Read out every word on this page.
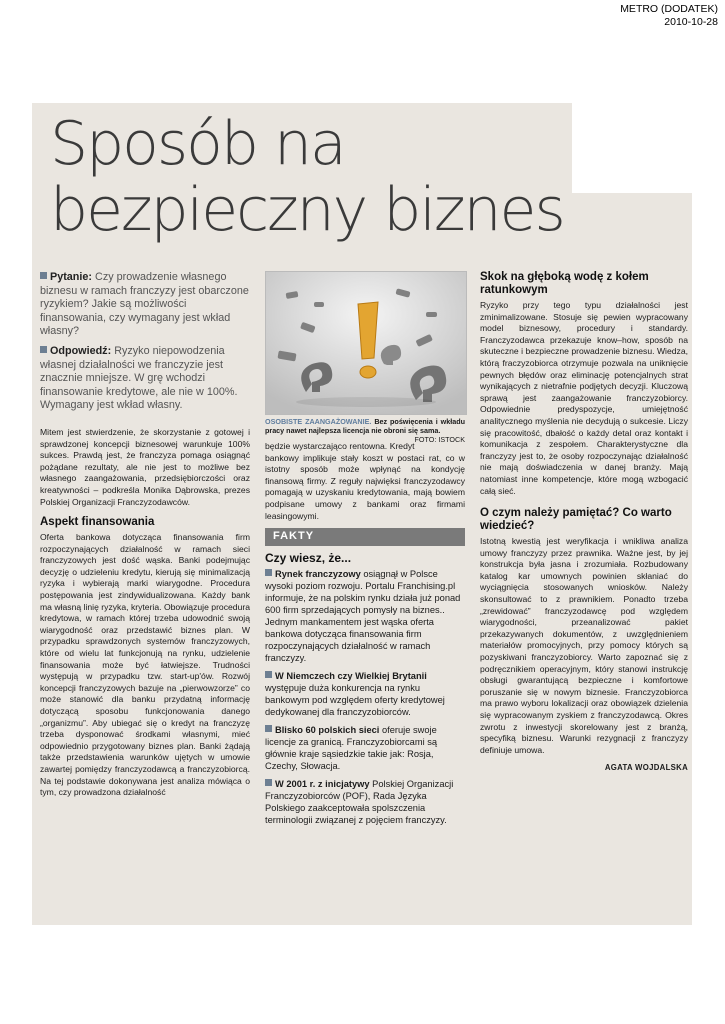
METRO (DODATEK)
2010-10-28
Sposób na
bezpieczny biznes

Pytanie: Czy prowadzenie własnego biznesu w ramach franczyzy jest obarczone ryzykiem? Jakie są możliwości finansowania, czy wymagany jest wkład własny?

Odpowiedź: Ryzyko niepowodzenia własnej działalności we franczyzie jest znacznie mniejsze. W grę wchodzi finansowanie kredytowe, ale nie w 100%. Wymagany jest wkład własny.

Mitem jest stwierdzenie, że skorzystanie z gotowej i sprawdzonej koncepcji biznesowej warunkuje 100% sukces. Prawdą jest, że franczyza pomaga osiągnąć pożądane rezultaty, ale nie jest to możliwe bez własnego zaangażowania, przedsiębiorczości oraz kreatywności – podkreśla Monika Dąbrowska, prezes Polskiej Organizacji Franczyzodawców.

Aspekt finansowania

Oferta bankowa dotycząca finansowania firm rozpoczynających działalność w ramach sieci franczyzowych jest dość wąska. Banki podejmując decyzję o udzieleniu kredytu, kierują się minimalizacją ryzyka i wybierają marki wiarygodne. Procedura postępowania jest zindywidualizowana. Każdy bank ma własną linię ryzyka, kryteria. Obowiązuje procedura kredytowa, w ramach której trzeba udowodnić swoją wiarygodność oraz przedstawić biznes plan. W przypadku sprawdzonych systemów franczyzowych, które od wielu lat funkcjonują na rynku, udzielenie finansowania może być łatwiejsze. Trudności występują w przypadku tzw. start-up'ów. Rozwój koncepcji franczyzowych bazuje na „pierwowzorze” co może stanowić dla banku przydatną informację dotyczącą sposobu funkcjonowania danego „organizmu”. Aby ubiegać się o kredyt na franczyzę trzeba dysponować środkami własnymi, mieć odpowiednio przygotowany biznes plan. Banki żądają także przedstawienia warunków ujętych w umowie zawartej pomiędzy franczyzodawcą a franczyzobiorcą. Na tej podstawie dokonywana jest analiza mówiąca o tym, czy prowadzona działalność

OSOBISTE ZAANGAŻOWANIE. Bez poświęcenia i wkładu pracy nawet najlepsza licencja nie obroni się sama.
FOTO: ISTOCK

będzie wystarczająco rentowna. Kredyt bankowy implikuje stały koszt w postaci rat, co w istotny sposób może wpłynąć na kondycję finansową firmy. Z reguły najwięksi franczyzodawcy pomagają w uzyskaniu kredytowania, mają bowiem podpisane umowy z bankami oraz firmami leasingowymi.

FAKTY
Czy wiesz, że...

Rynek franczyzowy osiągnął w Polsce wysoki poziom rozwoju. Portalu Franchising.pl informuje, że na polskim rynku działa już ponad 600 firm sprzedających pomysły na biznes.. Jednym mankamentem jest wąska oferta bankowa dotycząca finansowania firm rozpoczynających działalność w ramach franczyzy.

W Niemczech czy Wielkiej Brytanii występuje duża konkurencja na rynku bankowym pod względem oferty kredytowej dedykowanej dla franczyzobiorców.

Blisko 60 polskich sieci oferuje swoje licencje za granicą. Franczyzobiorcami są głównie kraje sąsiedzkie takie jak: Rosja, Czechy, Słowacja.

W 2001 r. z inicjatywy Polskiej Organizacji Franczyzobiorców (POF), Rada Języka Polskiego zaakceptowała spolszczenia terminologii związanej z pojęciem franczyzy.

Skok na głęboką wodę z kołem ratunkowym

Ryzyko przy tego typu działalności jest zminimalizowane. Stosuje się pewien wypracowany model biznesowy, procedury i standardy. Franczyzodawca przekazuje know–how, sposób na skuteczne i bezpieczne prowadzenie biznesu. Wiedza, którą fraczyzobiorca otrzymuje pozwala na uniknięcie pewnych błędów oraz eliminację potencjalnych strat wynikających z nietrafnie podjętych decyzji. Kluczową sprawą jest zaangażowanie franczyzobiorcy. Odpowiednie predyspozycje, umiejętność analitycznego myślenia nie decydują o sukcesie. Liczy się pracowitość, dbałość o każdy detal oraz kontakt i komunikacja z zespołem. Charakterystyczne dla franczyzy jest to, że osoby rozpoczynając działalność nie mają doświadczenia w danej branży. Mają natomiast inne kompetencje, które mogą wzbogacić całą sieć.

O czym należy pamiętać? Co warto wiedzieć?

Istotną kwestią jest weryfikacja i wnikliwa analiza umowy franczyzy przez prawnika. Ważne jest, by jej konstrukcja była jasna i zrozumiała. Rozbudowany katalog kar umownych powinien skłaniać do wyciągnięcia stosowanych wniosków. Należy skonsultować to z prawnikiem. Ponadto trzeba „zrewidować” franczyzodawcę pod względem wiarygodności, przeanalizować pakiet przekazywanych dokumentów, z uwzględnieniem materiałów promocyjnych, przy pomocy których są pozyskiwani franczyzobiorcy. Warto zapoznać się z podręcznikiem operacyjnym, który stanowi instrukcję obsługi gwarantującą bezpieczne i komfortowe poruszanie się w nowym biznesie. Franczyzobiorca ma prawo wyboru lokalizacji oraz obowiązek dzielenia się wypracowanym zyskiem z franczyzodawcą. Okres zwrotu z inwestycji skorelowany jest z branżą, specyfiką biznesu. Warunki rezygnacji z franczyzy definiuje umowa.

AGATA WOJDALSKA
